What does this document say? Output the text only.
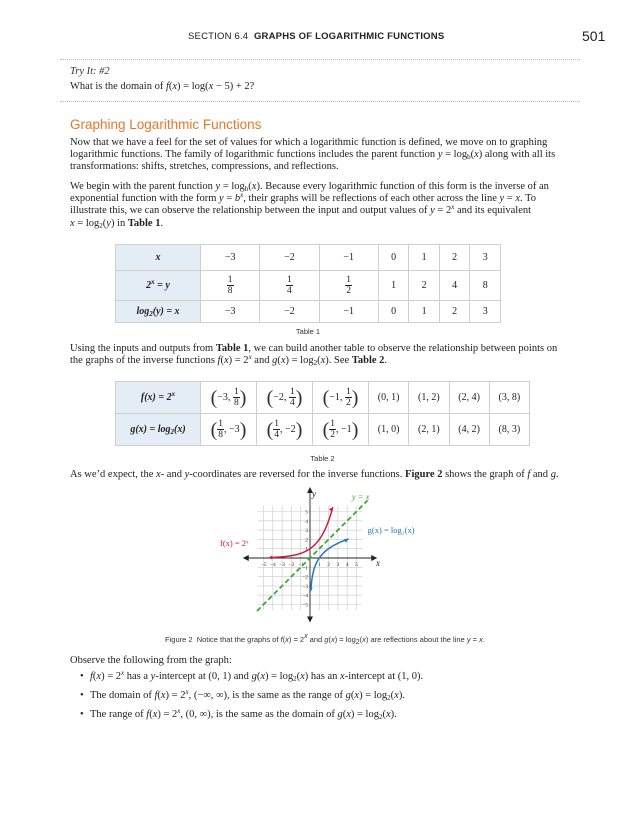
SECTION 6.4 GRAPHS OF LOGARITHMIC FUNCTIONS	501
Try It: #2
What is the domain of f(x) = log(x − 5) + 2?
Graphing Logarithmic Functions
Now that we have a feel for the set of values for which a logarithmic function is defined, we move on to graphing
logarithmic functions. The family of logarithmic functions includes the parent function $y = \log_b(x)$ along with all its
transformations: shifts, stretches, compressions, and reflections.
We begin with the parent function $y = \log_b(x)$. Because every logarithmic function of this form is the inverse of an
exponential function with the form $y = b^x$, their graphs will be reflections of each other across the line y = x. To
illustrate this, we can observe the relationship between the input and output values of $y = 2^x$ and its equivalent
$x = \log_2(y)$ in Table 1.
x	−3	−2	−1	0	1	2	3
$2^x = y$	$\frac{1}{8}$	$\frac{1}{4}$	$\frac{1}{2}$	1	2	4	8
$\log_2(y) = x$	−3	−2	−1	0	1	2	3
Table 1
Using the inputs and outputs from Table 1, we can build another table to observe the relationship between points on
the graphs of the inverse functions $f(x) = 2^x$ and $g(x) = \log_2(x)$. See Table 2.
$f(x) = 2^x$	( −3, $\frac{1}{8}$ )	( −2, $\frac{1}{4}$ )	( −1, $\frac{1}{2}$ )	(0, 1)	(1, 2)	(2, 4)	(3, 8)
$g(x) = \log_2(x)$	( $\frac{1}{8}$ , −3 )	( $\frac{1}{4}$ , −2 )	( $\frac{1}{2}$ , −1 )	(1, 0)	(2, 1)	(4, 2)	(8, 3)
Table 2
As we’d expect, the x- and y-coordinates are reversed for the inverse functions. Figure 2 shows the graph of f and g.
−5 −4 −3 −2 −1	1 2 3 4 5
5
4
3
2
1
−1
−2
−3
−4
−5
y
x
y = x
f(x) = 2ˣ
g(x) = log₂(x)
Figure 2  Notice that the graphs of $f(x) = 2^x$ and $g(x) = \log_2(x)$ are reflections about the line y = x.
Observe the following from the graph:
• $f(x) = 2^x$ has a y-intercept at (0, 1) and $g(x) = \log_2(x)$ has an x-intercept at (1, 0).
• The domain of $f(x) = 2^x$, (−∞, ∞), is the same as the range of $g(x) = \log_2(x)$.
• The range of $f(x) = 2^x$, (0, ∞), is the same as the domain of $g(x) = \log_2(x)$.
